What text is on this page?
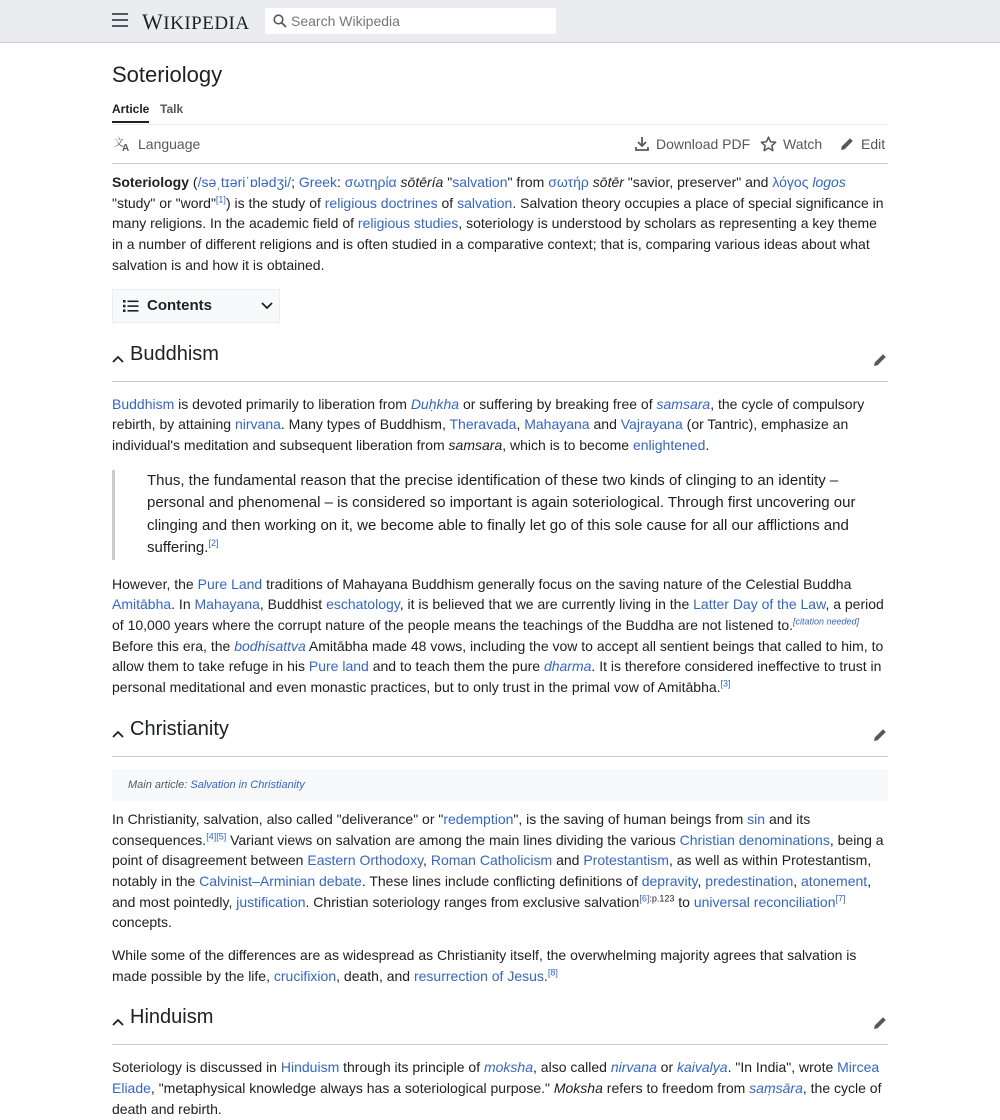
WIKIPEDIA
Search Wikipedia
Soteriology
Article Talk
文
A Language	Download PDF Watch	Edit

Soteriology (/səˌtɪəriˈɒlədʒi/; Greek: σωτηρία sōtēría "salvation" from σωτήρ sōtēr "savior, preserver" and λόγος logos "study" or "word"[1]) is the study of religious doctrines of salvation. Salvation theory occupies a place of special significance in many religions. In the academic field of religious studies, soteriology is understood by scholars as representing a key theme in a number of different religions and is often studied in a comparative context; that is, comparing various ideas about what salvation is and how it is obtained.

Contents
Buddhism

Buddhism is devoted primarily to liberation from Duḥkha or suffering by breaking free of samsara, the cycle of compulsory rebirth, by attaining nirvana. Many types of Buddhism, Theravada, Mahayana and Vajrayana (or Tantric), emphasize an individual's meditation and subsequent liberation from samsara, which is to become enlightened.

Thus, the fundamental reason that the precise identification of these two kinds of clinging to an identity – personal and phenomenal – is considered so important is again soteriological. Through first uncovering our clinging and then working on it, we become able to finally let go of this sole cause for all our afflictions and suffering.[2]

However, the Pure Land traditions of Mahayana Buddhism generally focus on the saving nature of the Celestial Buddha Amitābha. In Mahayana, Buddhist eschatology, it is believed that we are currently living in the Latter Day of the Law, a period of 10,000 years where the corrupt nature of the people means the teachings of the Buddha are not listened to.[citation needed] Before this era, the bodhisattva Amitābha made 48 vows, including the vow to accept all sentient beings that called to him, to allow them to take refuge in his Pure land and to teach them the pure dharma. It is therefore considered ineffective to trust in personal meditational and even monastic practices, but to only trust in the primal vow of Amitābha.[3]

Christianity
Main article: Salvation in Christianity

In Christianity, salvation, also called "deliverance" or "redemption", is the saving of human beings from sin and its consequences.[4][5] Variant views on salvation are among the main lines dividing the various Christian denominations, being a point of disagreement between Eastern Orthodoxy, Roman Catholicism and Protestantism, as well as within Protestantism, notably in the Calvinist–Arminian debate. These lines include conflicting definitions of depravity, predestination, atonement, and most pointedly, justification. Christian soteriology ranges from exclusive salvation$^{[6]:p.123}$ to universal reconciliation[7] concepts.

While some of the differences are as widespread as Christianity itself, the overwhelming majority agrees that salvation is made possible by the life, crucifixion, death, and resurrection of Jesus.[8]

Hinduism

Soteriology is discussed in Hinduism through its principle of moksha, also called nirvana or kaivalya. "In India", wrote Mircea Eliade, "metaphysical knowledge always has a soteriological purpose." Moksha refers to freedom from saṃsāra, the cycle of death and rebirth.
